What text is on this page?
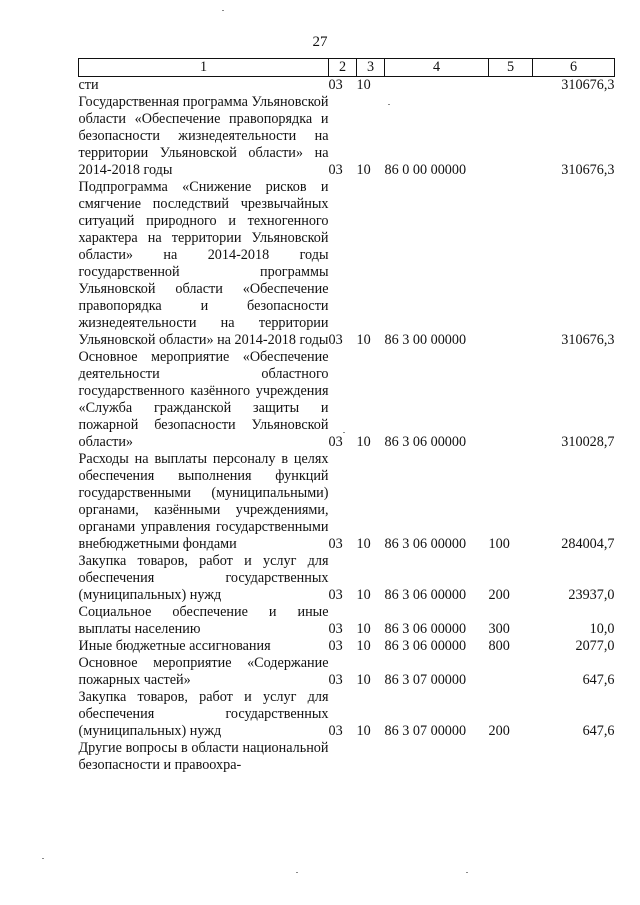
27
1	2	3	4	5	6
сти	03	10			310676,3
Государственная программа Ульяновской области «Обеспечение правопорядка и безопасности жизнедеятельности на территории Ульяновской области» на 2014-2018 годы	03	10	86 0 00 00000		310676,3
Подпрограмма «Снижение рисков и смягчение последствий чрезвычайных ситуаций природного и техногенного характера на территории Ульяновской области» на 2014-2018 годы государственной программы Ульяновской области «Обеспечение правопорядка и безопасности жизнедеятельности на территории Ульяновской области» на 2014-2018 годы	03	10	86 3 00 00000		310676,3
Основное мероприятие «Обеспечение деятельности областного государственного казённого учреждения «Служба гражданской защиты и пожарной безопасности Ульяновской области»	03	10	86 3 06 00000		310028,7
Расходы на выплаты персоналу в целях обеспечения выполнения функций государственными (муниципальными) органами, казёнными учреждениями, органами управления государственными внебюджетными фондами	03	10	86 3 06 00000	100	284004,7
Закупка товаров, работ и услуг для обеспечения государственных (муниципальных) нужд	03	10	86 3 06 00000	200	23937,0
Социальное обеспечение и иные выплаты населению	03	10	86 3 06 00000	300	10,0
Иные бюджетные ассигнования	03	10	86 3 06 00000	800	2077,0
Основное мероприятие «Содержание пожарных частей»	03	10	86 3 07 00000		647,6
Закупка товаров, работ и услуг для обеспечения государственных (муниципальных) нужд	03	10	86 3 07 00000	200	647,6
Другие вопросы в области национальной безопасности и правоохра-					
